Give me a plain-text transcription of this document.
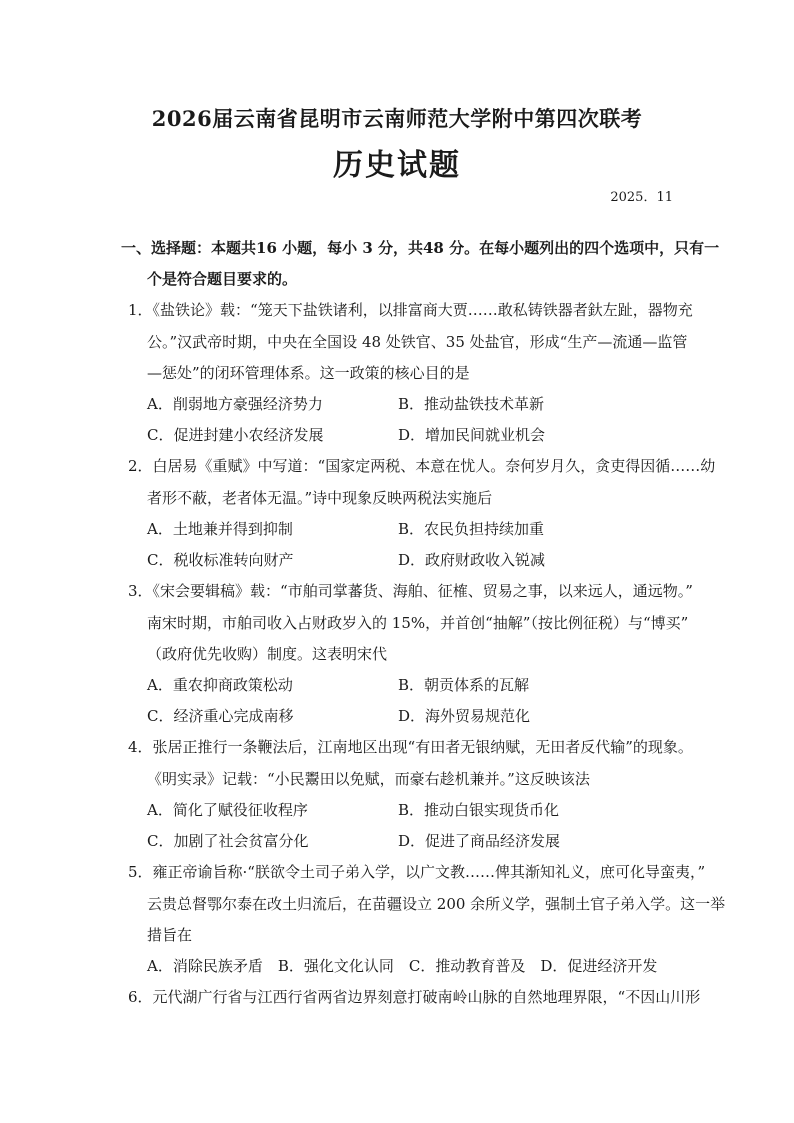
2026届云南省昆明市云南师范大学附中第四次联考
历史试题
2025．11
一、选择题：本题共16 小题，每小 3 分，共48 分。在每小题列出的四个选项中，只有一
个是符合题目要求的。
1．《盐铁论》载：“笼天下盐铁诸利，以排富商大贾……敢私铸铁器者釱左趾，器物充
公。”汉武帝时期，中央在全国设 48 处铁官、35 处盐官，形成“生产—流通—监管
—惩处”的闭环管理体系。这一政策的核心目的是
A．削弱地方豪强经济势力	B．推动盐铁技术革新
C．促进封建小农经济发展	D．增加民间就业机会
2．白居易《重赋》中写道：“国家定两税、本意在忧人。奈何岁月久，贪吏得因循……幼
者形不蔽，老者体无温。”诗中现象反映两税法实施后
A．土地兼并得到抑制	B．农民负担持续加重
C．税收标准转向财产	D．政府财政收入锐减
3．《宋会要辑稿》载：“市舶司掌蕃货、海舶、征榷、贸易之事，以来远人，通远物。”
南宋时期，市舶司收入占财政岁入的 15%，并首创“抽解”（按比例征税）与“博买”
（政府优先收购）制度。这表明宋代
A．重农抑商政策松动	B．朝贡体系的瓦解
C．经济重心完成南移	D．海外贸易规范化
4．张居正推行一条鞭法后，江南地区出现“有田者无银纳赋，无田者反代输”的现象。
《明实录》记载：“小民鬻田以免赋，而豪右趁机兼并。”这反映该法
A．简化了赋役征收程序	B．推动白银实现货币化
C．加剧了社会贫富分化	D．促进了商品经济发展
5．雍正帝谕旨称·“朕欲令土司子弟入学，以广文教……俾其渐知礼义，庶可化导蛮夷，”
云贵总督鄂尔泰在改土归流后，在苗疆设立 200 余所义学，强制土官子弟入学。这一举
措旨在
A．消除民族矛盾　B．强化文化认同　C．推动教育普及　D．促进经济开发
6．元代湖广行省与江西行省两省边界刻意打破南岭山脉的自然地理界限，“不因山川形
